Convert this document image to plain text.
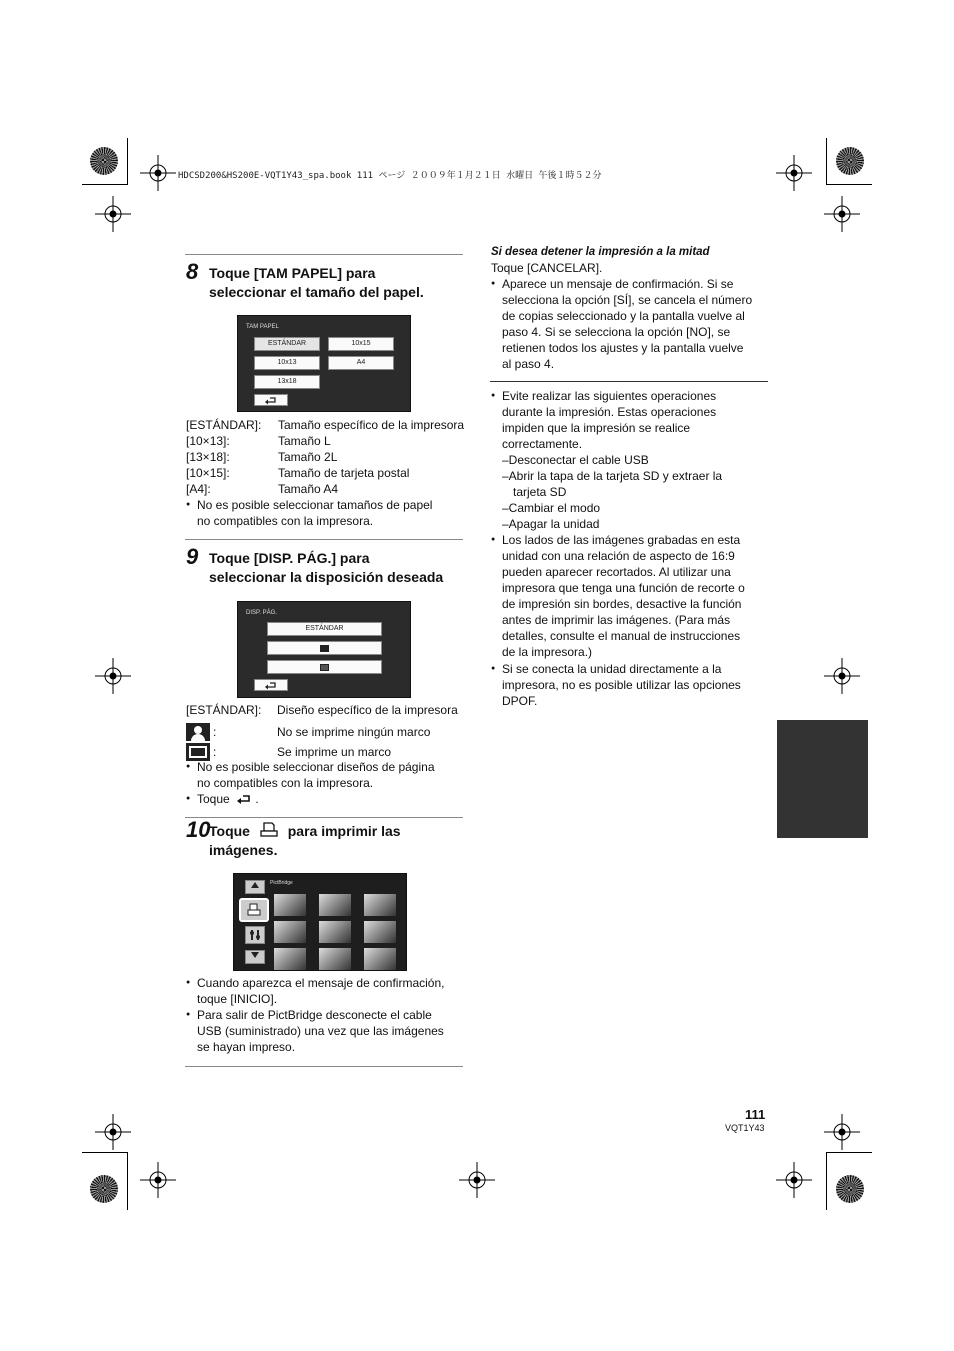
HDCSD200&HS200E-VQT1Y43_spa.book 111 ページ ２００９年１月２１日 水曜日 午後１時５２分
8 Toque [TAM PAPEL] para
seleccionar el tamaño del papel.
TAM PAPEL
ESTÁNDAR	10x15
10x13	A4
13x18
[ESTÁNDAR]:	Tamaño específico de la impresora
[10×13]:	Tamaño L
[13×18]:	Tamaño 2L
[10×15]:	Tamaño de tarjeta postal
[A4]:	Tamaño A4
● No es posible seleccionar tamaños de papel
no compatibles con la impresora.
9 Toque [DISP. PÁG.] para
seleccionar la disposición deseada
DISP. PÁG.
ESTÁNDAR
[ESTÁNDAR]:	Diseño específico de la impresora
:	No se imprime ningún marco
:	Se imprime un marco
● No es posible seleccionar diseños de página
no compatibles con la impresora.
● Toque .
10
Toque	para imprimir las
imágenes.
PictBridge
● Cuando aparezca el mensaje de confirmación,
toque [INICIO].
● Para salir de PictBridge desconecte el cable
USB (suministrado) una vez que las imágenes
se hayan impreso.
Si desea detener la impresión a la mitad
Toque [CANCELAR].
● Aparece un mensaje de confirmación. Si se
selecciona la opción [SÍ], se cancela el número
de copias seleccionado y la pantalla vuelve al
paso 4. Si se selecciona la opción [NO], se
retienen todos los ajustes y la pantalla vuelve
al paso 4.
● Evite realizar las siguientes operaciones
durante la impresión. Estas operaciones
impiden que la impresión se realice
correctamente.
–Desconectar el cable USB
–Abrir la tapa de la tarjeta SD y extraer la
tarjeta SD
–Cambiar el modo
–Apagar la unidad
● Los lados de las imágenes grabadas en esta
unidad con una relación de aspecto de 16:9
pueden aparecer recortados. Al utilizar una
impresora que tenga una función de recorte o
de impresión sin bordes, desactive la función
antes de imprimir las imágenes. (Para más
detalles, consulte el manual de instrucciones
de la impresora.)
● Si se conecta la unidad directamente a la
impresora, no es posible utilizar las opciones
DPOF.
111
VQT1Y43
